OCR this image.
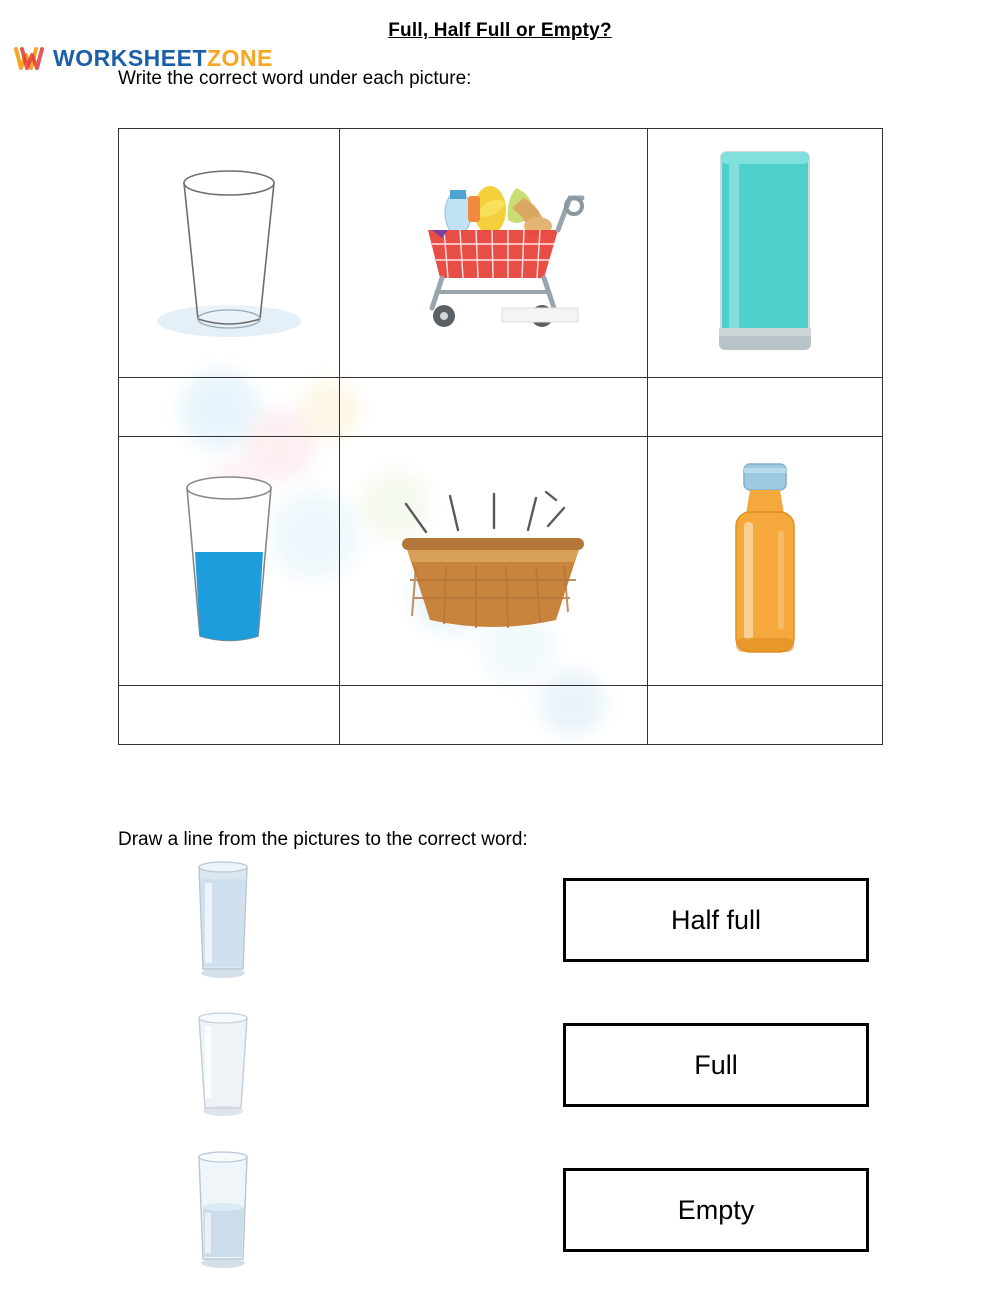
Full, Half Full or Empty?

Write the correct word under each picture:

Draw a line from the pictures to the correct word:

Half full
Full
Empty
WORKSHEETZONE
